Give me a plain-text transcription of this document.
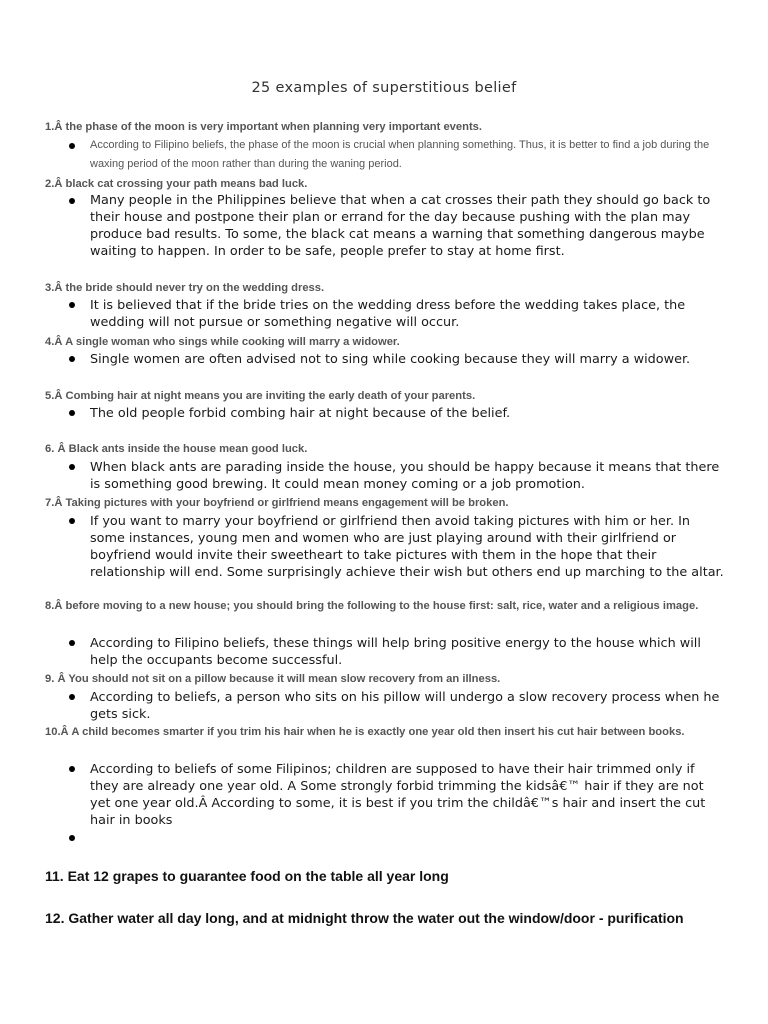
25 examples of superstitious belief
1.Â the phase of the moon is very important when planning very important events.
According to Filipino beliefs, the phase of the moon is crucial when planning something. Thus, it is better to find a job during the waxing period of the moon rather than during the waning period.
2.Â black cat crossing your path means bad luck.
Many people in the Philippines believe that when a cat crosses their path they should go back to their house and postpone their plan or errand for the day because pushing with the plan may produce bad results. To some, the black cat means a warning that something dangerous maybe waiting to happen. In order to be safe, people prefer to stay at home first.
3.Â the bride should never try on the wedding dress.
It is believed that if the bride tries on the wedding dress before the wedding takes place, the wedding will not pursue or something negative will occur.
4.Â A single woman who sings while cooking will marry a widower.
Single women are often advised not to sing while cooking because they will marry a widower.
5.Â Combing hair at night means you are inviting the early death of your parents.
The old people forbid combing hair at night because of the belief.
6. Â Black ants inside the house mean good luck.
When black ants are parading inside the house, you should be happy because it means that there is something good brewing. It could mean money coming or a job promotion.
7.Â Taking pictures with your boyfriend or girlfriend means engagement will be broken.
If you want to marry your boyfriend or girlfriend then avoid taking pictures with him or her. In some instances, young men and women who are just playing around with their girlfriend or boyfriend would invite their sweetheart to take pictures with them in the hope that their relationship will end. Some surprisingly achieve their wish but others end up marching to the altar.
8.Â before moving to a new house; you should bring the following to the house first: salt, rice, water and a religious image.
According to Filipino beliefs, these things will help bring positive energy to the house which will help the occupants become successful.
9. Â You should not sit on a pillow because it will mean slow recovery from an illness.
According to beliefs, a person who sits on his pillow will undergo a slow recovery process when he gets sick.
10.Â A child becomes smarter if you trim his hair when he is exactly one year old then insert his cut hair between books.
According to beliefs of some Filipinos; children are supposed to have their hair trimmed only if they are already one year old. A Some strongly forbid trimming the kidsâ€™ hair if they are not yet one year old.Â According to some, it is best if you trim the childâ€™s hair and insert the cut hair in books
11. Eat 12 grapes to guarantee food on the table all year long
12. Gather water all day long, and at midnight throw the water out the window/door - purification
